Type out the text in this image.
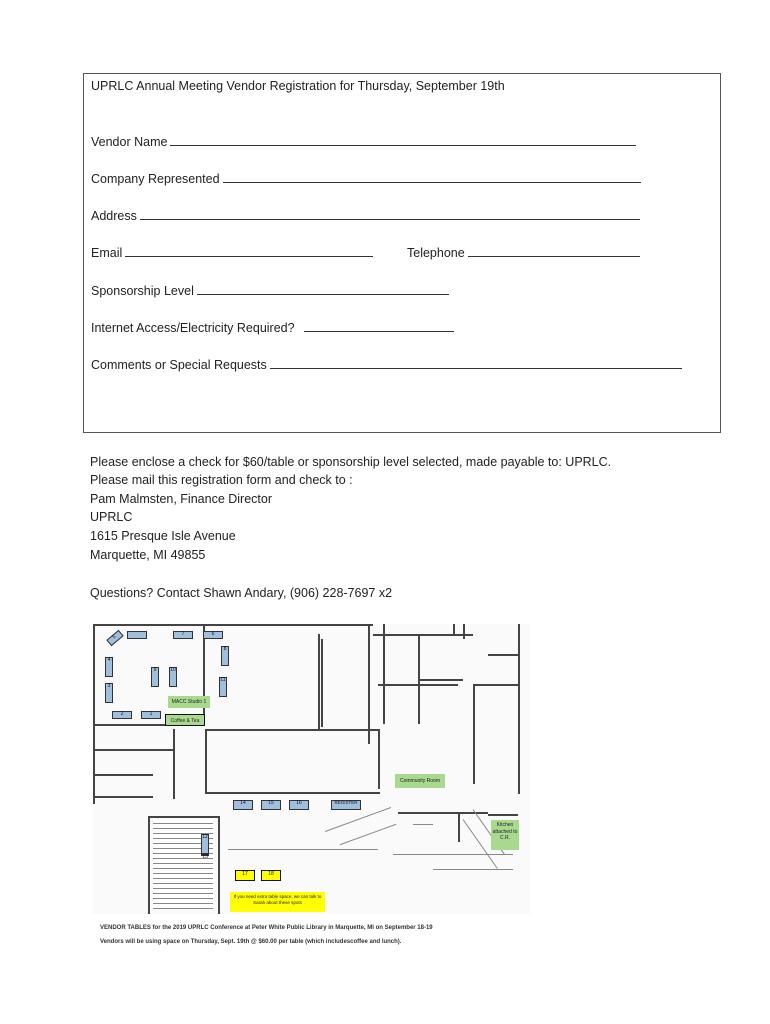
UPRLC Annual Meeting Vendor Registration for Thursday, September 19th
Vendor Name
Company Represented
Address
Email	Telephone
Sponsorship Level
Internet Access/Electricity Required?
Comments or Special Requests
Please enclose a check for $60/table or sponsorship level selected, made payable to: UPRLC.
Please mail this registration form and check to :
Pam Malmsten, Finance Director
UPRLC
1615 Presque Isle Avenue
Marquette, MI 49855
Questions? Contact Shawn Andary, (906) 228-7697 x2
5
7	6
8
4
3
2	1
9	10
11
14	15	16
12
13
REGISTER
17	18
If you need extra table space, we can talk to Sarah about these spots
MACC Studio 1
Coffee & Tea
Community Room
Kitchen attached to C.R.
VENDOR TABLES for the 2019 UPRLC Conference at Peter White Public Library in Marquette, MI on September 18-19
Vendors will be using space on Thursday, Sept. 19th @ $60.00 per table (which includescoffee and lunch).
